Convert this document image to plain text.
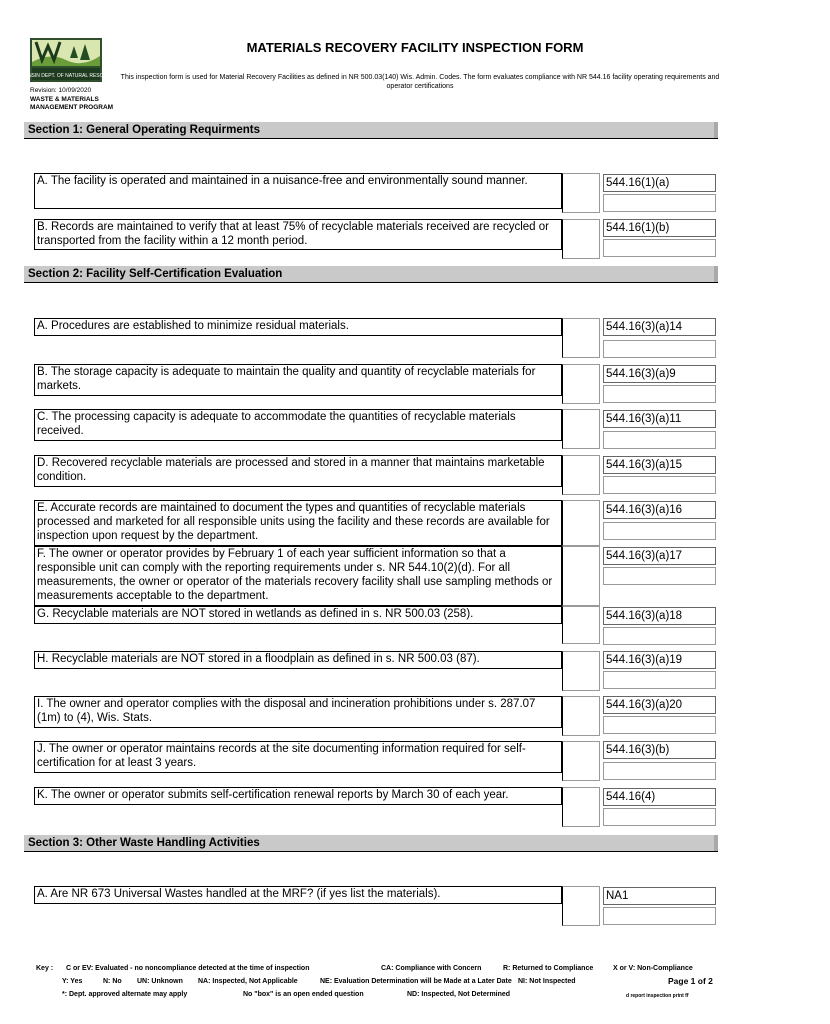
WISCONSIN DEPT. OF NATURAL RESOURCES
Revision: 10/09/2020
WASTE & MATERIALS MANAGEMENT PROGRAM
MATERIALS RECOVERY FACILITY INSPECTION FORM
This inspection form is used for Material Recovery Facilities as defined in NR 500.03(140) Wis. Admin. Codes. The form evaluates compliance with NR 544.16 facility operating requirements and operator certifications
Section 1: General Operating Requirments
A. The facility is operated and maintained in a nuisance-free and environmentally sound manner.	544.16(1)(a)
B. Records are maintained to verify that at least 75% of recyclable materials received are recycled or transported from the facility within a 12 month period.
544.16(1)(b)
Section 2: Facility Self-Certification Evaluation
A. Procedures are established to minimize residual materials.	544.16(3)(a)14
B. The storage capacity is adequate to maintain the quality and quantity of recyclable materials for markets.
544.16(3)(a)9
C. The processing capacity is adequate to accommodate the quantities of recyclable materials received.
544.16(3)(a)11
D. Recovered recyclable materials are processed and stored in a manner that maintains marketable condition.
544.16(3)(a)15
E. Accurate records are maintained to document the types and quantities of recyclable materials processed and marketed for all responsible units using the facility and these records are available for inspection upon request by the department.
544.16(3)(a)16
F. The owner or operator provides by February 1 of each year sufficient information so that a responsible unit can comply with the reporting requirements under s. NR 544.10(2)(d). For all measurements, the owner or operator of the materials recovery facility shall use sampling methods or measurements acceptable to the department.
544.16(3)(a)17
G. Recyclable materials are NOT stored in wetlands as defined in s. NR 500.03 (258).	544.16(3)(a)18
H. Recyclable materials are NOT stored in a floodplain as defined in s. NR 500.03 (87).	544.16(3)(a)19
I. The owner and operator complies with the disposal and incineration prohibitions under s. 287.07 (1m) to (4), Wis. Stats.
544.16(3)(a)20
J. The owner or operator maintains records at the site documenting information required for self-certification for at least 3 years.
544.16(3)(b)
K. The owner or operator submits self-certification renewal reports by March 30 of each year.	544.16(4)
Section 3: Other Waste Handling Activities
A. Are NR 673 Universal Wastes handled at the MRF? (if yes list the materials).	NA1
Key : C or EV: Evaluated - no noncompliance detected at the time of inspection	CA: Compliance with Concern	R: Returned to Compliance	X or V: Non-Compliance
Y: Yes	N: No UN: Unknown NA: Inspected, Not Applicable	NE: Evaluation Determination will be Made at a Later Date NI: Not Inspected	Page 1 of 2
*: Dept. approved alternate may apply	No "box" is an open ended question	ND: Inspected, Not Determined	d report inspection print ff
